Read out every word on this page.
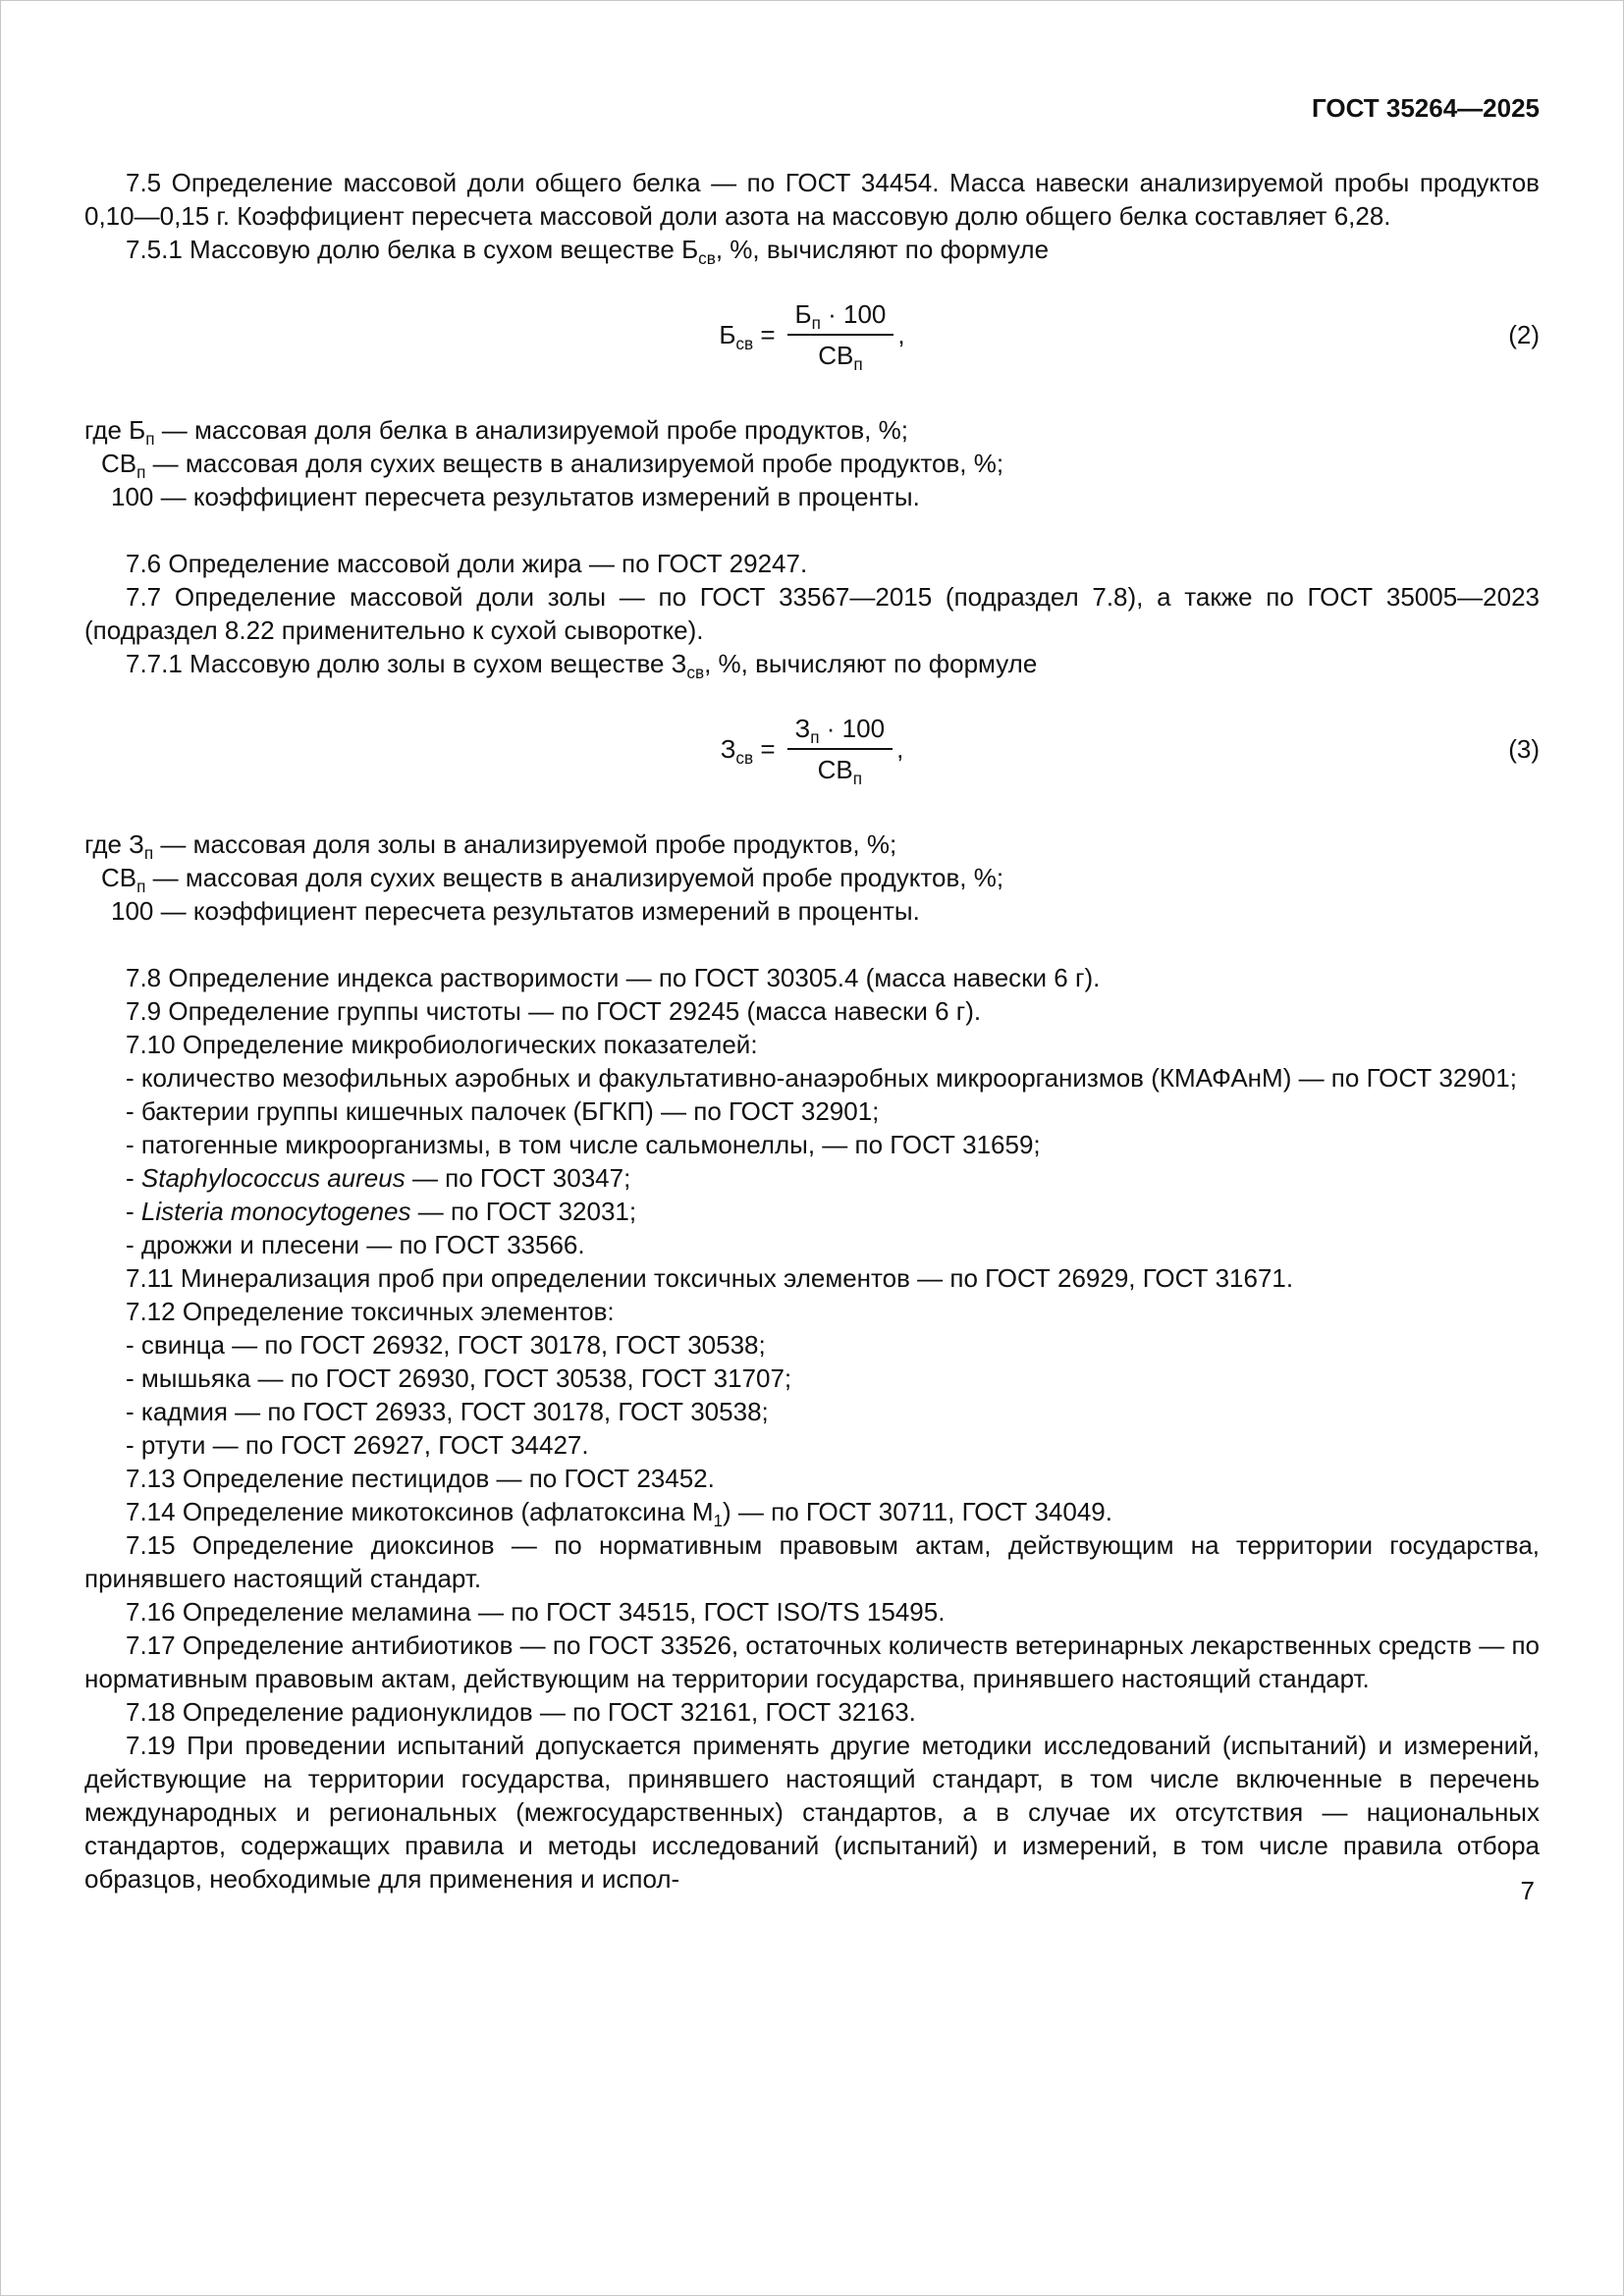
ГОСТ 35264—2025
7.5 Определение массовой доли общего белка — по ГОСТ 34454. Масса навески анализируемой пробы продуктов 0,10—0,15 г. Коэффициент пересчета массовой доли азота на массовую долю общего белка составляет 6,28.
7.5.1 Массовую долю белка в сухом веществе $Б_{св}$, %, вычисляют по формуле
$Б_{св} = \frac{Б_п \cdot 100}{СВ_п}$ ,	(2)
где $Б_п$ — массовая доля белка в анализируемой пробе продуктов, %;
$СВ_п$ — массовая доля сухих веществ в анализируемой пробе продуктов, %;
100 — коэффициент пересчета результатов измерений в проценты.
7.6 Определение массовой доли жира — по ГОСТ 29247.
7.7 Определение массовой доли золы — по ГОСТ 33567—2015 (подраздел 7.8), а также по ГОСТ 35005—2023 (подраздел 8.22 применительно к сухой сыворотке).
7.7.1 Массовую долю золы в сухом веществе $З_{св}$, %, вычисляют по формуле
$З_{св} = \frac{З_п \cdot 100}{СВ_п}$ ,	(3)
где $З_п$ — массовая доля золы в анализируемой пробе продуктов, %;
$СВ_п$ — массовая доля сухих веществ в анализируемой пробе продуктов, %;
100 — коэффициент пересчета результатов измерений в проценты.
7.8 Определение индекса растворимости — по ГОСТ 30305.4 (масса навески 6 г).
7.9 Определение группы чистоты — по ГОСТ 29245 (масса навески 6 г).
7.10 Определение микробиологических показателей:
- количество мезофильных аэробных и факультативно-анаэробных микроорганизмов (КМАФАнМ) — по ГОСТ 32901;
- бактерии группы кишечных палочек (БГКП) — по ГОСТ 32901;
- патогенные микроорганизмы, в том числе сальмонеллы, — по ГОСТ 31659;
- Staphylococcus aureus — по ГОСТ 30347;
- Listeria monocytogenes — по ГОСТ 32031;
- дрожжи и плесени — по ГОСТ 33566.
7.11 Минерализация проб при определении токсичных элементов — по ГОСТ 26929, ГОСТ 31671.
7.12 Определение токсичных элементов:
- свинца — по ГОСТ 26932, ГОСТ 30178, ГОСТ 30538;
- мышьяка — по ГОСТ 26930, ГОСТ 30538, ГОСТ 31707;
- кадмия — по ГОСТ 26933, ГОСТ 30178, ГОСТ 30538;
- ртути — по ГОСТ 26927, ГОСТ 34427.
7.13 Определение пестицидов — по ГОСТ 23452.
7.14 Определение микотоксинов (афлатоксина $М_1$) — по ГОСТ 30711, ГОСТ 34049.
7.15 Определение диоксинов — по нормативным правовым актам, действующим на территории государства, принявшего настоящий стандарт.
7.16 Определение меламина — по ГОСТ 34515, ГОСТ ISO/TS 15495.
7.17 Определение антибиотиков — по ГОСТ 33526, остаточных количеств ветеринарных лекарственных средств — по нормативным правовым актам, действующим на территории государства, принявшего настоящий стандарт.
7.18 Определение радионуклидов — по ГОСТ 32161, ГОСТ 32163.
7.19 При проведении испытаний допускается применять другие методики исследований (испытаний) и измерений, действующие на территории государства, принявшего настоящий стандарт, в том числе включенные в перечень международных и региональных (межгосударственных) стандартов, а в случае их отсутствия — национальных стандартов, содержащих правила и методы исследований (испытаний) и измерений, в том числе правила отбора образцов, необходимые для применения и испол-	7
